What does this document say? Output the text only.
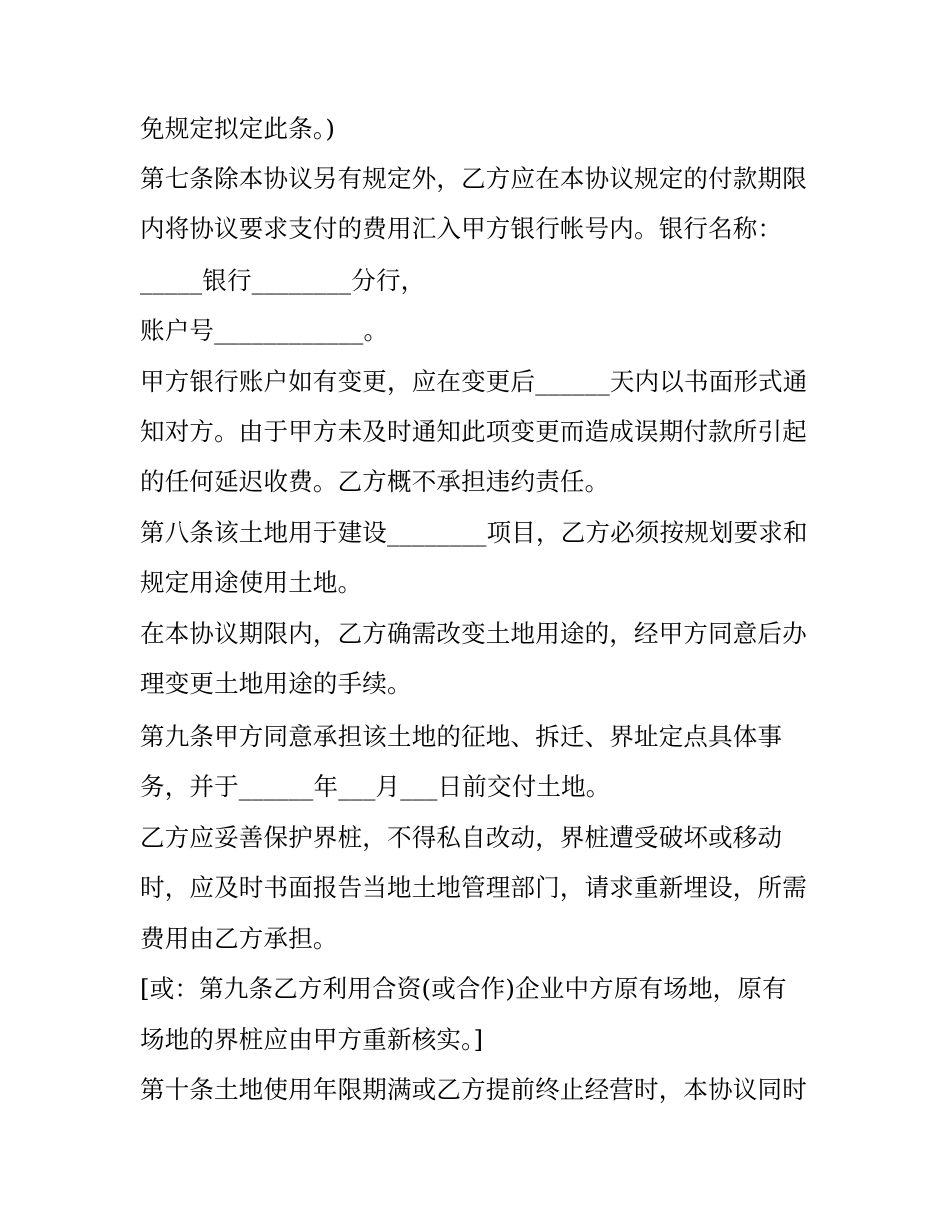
免规定拟定此条。)
第七条除本协议另有规定外，乙方应在本协议规定的付款期限
内将协议要求支付的费用汇入甲方银行帐号内。银行名称：
_____银行________分行，
账户号____________。
甲方银行账户如有变更，应在变更后______天内以书面形式通
知对方。由于甲方未及时通知此项变更而造成误期付款所引起
的任何延迟收费。乙方概不承担违约责任。
第八条该土地用于建设________项目，乙方必须按规划要求和
规定用途使用土地。
在本协议期限内，乙方确需改变土地用途的，经甲方同意后办
理变更土地用途的手续。
第九条甲方同意承担该土地的征地、拆迁、界址定点具体事
务，并于______年___月___日前交付土地。
乙方应妥善保护界桩，不得私自改动，界桩遭受破坏或移动
时，应及时书面报告当地土地管理部门，请求重新埋设，所需
费用由乙方承担。
[或：第九条乙方利用合资(或合作)企业中方原有场地，原有
场地的界桩应由甲方重新核实。]
第十条土地使用年限期满或乙方提前终止经营时，本协议同时
